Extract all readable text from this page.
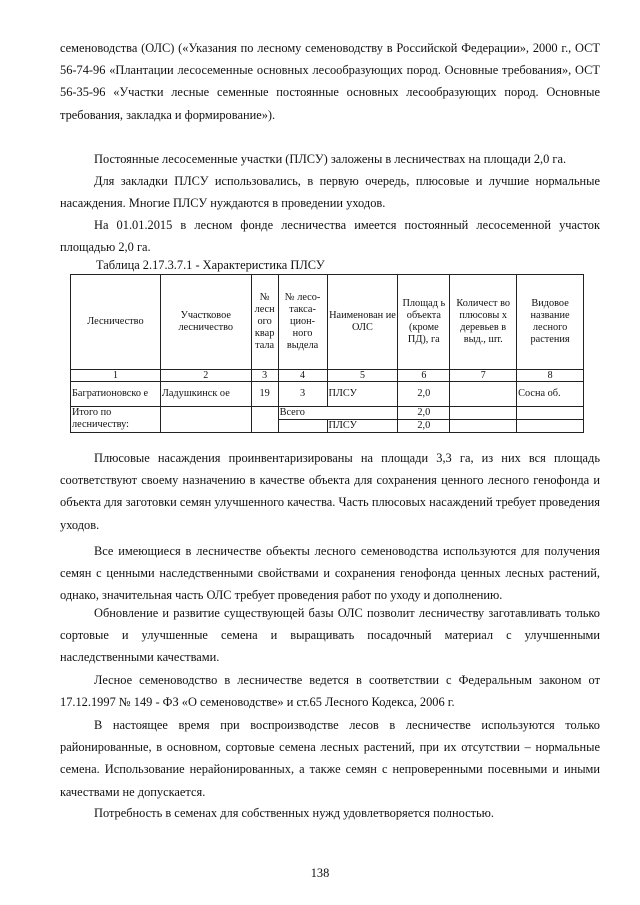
семеноводства (ОЛС) («Указания по лесному семеноводству в Российской Федерации», 2000 г., ОСТ 56-74-96 «Плантации лесосеменные основных лесообразующих пород. Основные требования», ОСТ 56-35-96 «Участки лесные семенные постоянные основных лесообразующих пород. Основные требования, закладка и формирование»).

Постоянные лесосеменные участки (ПЛСУ) заложены в лесничествах на площади 2,0 га.

Для закладки ПЛСУ использовались, в первую очередь, плюсовые и лучшие нормальные насаждения. Многие ПЛСУ нуждаются в проведении уходов.

На 01.01.2015 в лесном фонде лесничества имеется постоянный лесосеменной участок площадью 2,0 га.

Таблица 2.17.3.7.1 - Характеристика ПЛСУ
Лесничество	Участковое лесничество	№ лесн ого квар тала	№ лесо- такса- цион- ного выдела	Наименован ие ОЛС	Площад ь объекта (кроме ПД), га	Количест во плюсовы х деревьев в выд., шт.	Видовое название лесного растения
1	2	3	4	5	6	7	8
Багратионовско е	Ладушкинск ое	19	3	ПЛСУ	2,0		Сосна об.
Итого по лесничеству:			Всего		2,0		
				ПЛСУ	2,0		

Плюсовые насаждения проинвентаризированы на площади 3,3 га, из них вся площадь соответствуют своему назначению в качестве объекта для сохранения ценного лесного генофонда и объекта для заготовки семян улучшенного качества. Часть плюсовых насаждений требует проведения уходов.

Все имеющиеся в лесничестве объекты лесного семеноводства используются для получения семян с ценными наследственными свойствами и сохранения генофонда ценных лесных растений, однако, значительная часть ОЛС требует проведения работ по уходу и дополнению.

Обновление и развитие существующей базы ОЛС позволит лесничеству заготавливать только сортовые и улучшенные семена и выращивать посадочный материал с улучшенными наследственными качествами.

Лесное семеноводство в лесничестве ведется в соответствии с Федеральным законом от 17.12.1997 № 149 - ФЗ «О семеноводстве» и ст.65 Лесного Кодекса, 2006 г.

В настоящее время при воспроизводстве лесов в лесничестве используются только районированные, в основном, сортовые семена лесных растений, при их отсутствии – нормальные семена. Использование нерайонированных, а также семян с непроверенными посевными и иными качествами не допускается.

Потребность в семенах для собственных нужд удовлетворяется полностью.

138
